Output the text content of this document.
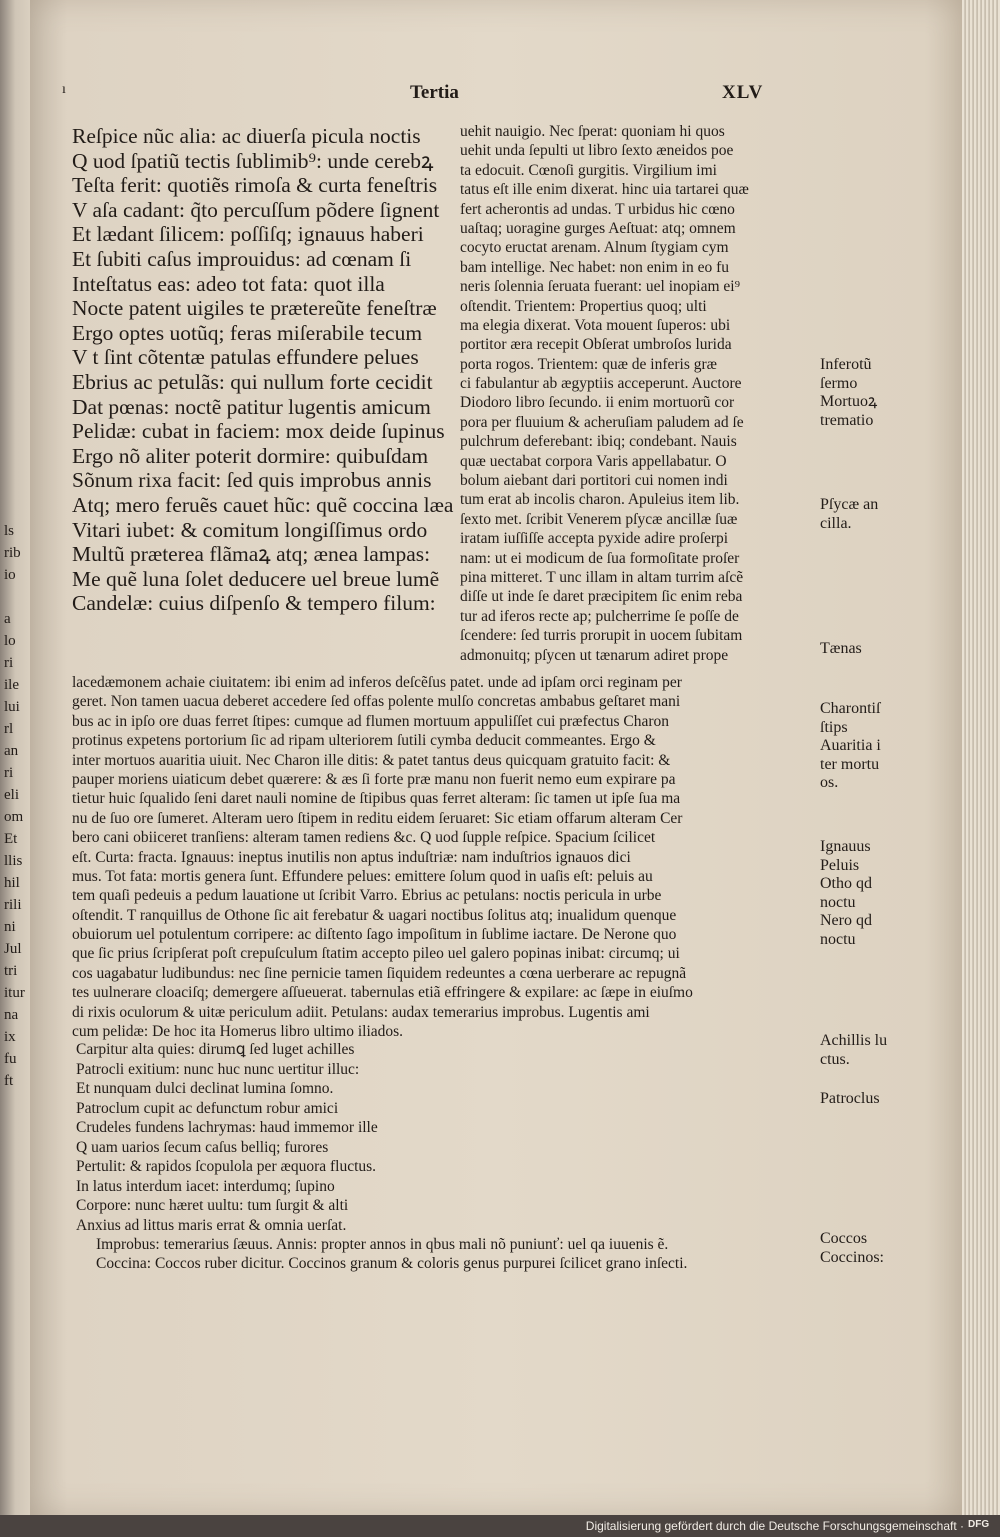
ls
rib
io
a
lo
ri
ile
lui
rl
an
ri
eli
om
Et
llis
hil
rili
ni
Jul
tri
itur
na
ix
fu
ft
ı	Tertia	XLV
Reſpice nũc alia: ac diuerſa picula noctis
Q uod ſpatiũ tectis ſublimib⁹: unde cerebꝝ
Teſta ferit: quotiẽs rimoſa & curta feneſtris
V aſa cadant: q̃to percuſſum põdere ſignent
Et lædant ſilicem: poſſiſq; ignauus haberi
Et ſubiti caſus improuidus: ad cœnam ſi
Inteſtatus eas: adeo tot fata: quot illa
Nocte patent uigiles te prætereũte feneſtræ
Ergo optes uotũq; feras miſerabile tecum
V t ſint cõtentæ patulas effundere pelues
Ebrius ac petulãs: qui nullum forte cecidit
Dat pœnas: noctẽ patitur lugentis amicum
Pelidæ: cubat in faciem: mox deide ſupinus
Ergo nõ aliter poterit dormire: quibuſdam
Sõnum rixa facit: ſed quis improbus annis
Atq; mero feruẽs cauet hũc: quẽ coccina læa
Vitari iubet: & comitum longiſſimus ordo
Multũ præterea flãmaꝝ atq; ænea lampas:
Me quẽ luna ſolet deducere uel breue lumẽ
Candelæ: cuius diſpenſo & tempero filum:
uehit nauigio. Nec ſperat: quoniam hi quos
uehit unda ſepulti ut libro ſexto æneidos poe
ta edocuit. Cœnoſi gurgitis. Virgilium imi
tatus eſt ille enim dixerat. hinc uia tartarei quæ
fert acherontis ad undas. T urbidus hic cœno
uaſtaq; uoragine gurges Aeſtuat: atq; omnem
cocyto eructat arenam. Alnum ſtygiam cym
bam intellige. Nec habet: non enim in eo fu
neris ſolennia ſeruata fuerant: uel inopiam ei⁹
oſtendit. Trientem: Propertius quoq; ulti
ma elegia dixerat. Vota mouent ſuperos: ubi
portitor æra recepit Obſerat umbroſos lurida
porta rogos. Trientem: quæ de inferis græ
ci fabulantur ab ægyptiis acceperunt. Auctore
Diodoro libro ſecundo. ii enim mortuorũ cor
pora per fluuium & acheruſiam paludem ad ſe
pulchrum deferebant: ibiq; condebant. Nauis
quæ uectabat corpora Varis appellabatur. O
bolum aiebant dari portitori cui nomen indi
tum erat ab incolis charon. Apuleius item lib.
ſexto met. ſcribit Venerem pſycæ ancillæ ſuæ
iratam iuſſiſſe accepta pyxide adire proſerpi
nam: ut ei modicum de ſua formoſitate proſer
pina mitteret. T unc illam in altam turrim aſcẽ
diſſe ut inde ſe daret præcipitem ſic enim reba
tur ad iferos recte ap; pulcherrime ſe poſſe de
ſcendere: ſed turris prorupit in uocem ſubitam
admonuitq; pſycen ut tænarum adiret prope
lacedæmonem achaie ciuitatem: ibi enim ad inferos deſcẽſus patet. unde ad ipſam orci reginam per
geret. Non tamen uacua deberet accedere ſed offas polente mulſo concretas ambabus geſtaret mani
bus ac in ipſo ore duas ferret ſtipes: cumque ad flumen mortuum appuliſſet cui præfectus Charon
protinus expetens portorium ſic ad ripam ulteriorem ſutili cymba deducit commeantes. Ergo &
inter mortuos auaritia uiuit. Nec Charon ille ditis: & patet tantus deus quicquam gratuito facit: &
pauper moriens uiaticum debet quærere: & æs ſi forte præ manu non fuerit nemo eum expirare pa
tietur huic ſqualido ſeni daret nauli nomine de ſtipibus quas ferret alteram: ſic tamen ut ipſe ſua ma
nu de ſuo ore ſumeret. Alteram uero ſtipem in reditu eidem ſeruaret: Sic etiam offarum alteram Cer
bero cani obiiceret tranſiens: alteram tamen rediens &c. Q uod ſupple reſpice. Spacium ſcilicet
eſt. Curta: fracta. Ignauus: ineptus inutilis non aptus induſtriæ: nam induſtrios ignauos dici
mus. Tot fata: mortis genera ſunt. Effundere pelues: emittere ſolum quod in uaſis eſt: peluis au
tem quaſi pedeuis a pedum lauatione ut ſcribit Varro. Ebrius ac petulans: noctis pericula in urbe
oſtendit. T ranquillus de Othone ſic ait ferebatur & uagari noctibus ſolitus atq; inualidum quenque
obuiorum uel potulentum corripere: ac diſtento ſago impoſitum in ſublime iactare. De Nerone quo
que ſic prius ſcripſerat poſt crepuſculum ſtatim accepto pileo uel galero popinas inibat: circumq; ui
cos uagabatur ludibundus: nec ſine pernicie tamen ſiquidem redeuntes a cœna uerberare ac repugnã
tes uulnerare cloaciſq; demergere aſſueuerat. tabernulas etiã effringere & expilare: ac ſæpe in eiuſmo
di rixis oculorum & uitæ periculum adiit. Petulans: audax temerarius improbus. Lugentis ami
cum pelidæ: De hoc ita Homerus libro ultimo iliados.
Carpitur alta quies: dirumꝗ ſed luget achilles
Patrocli exitium: nunc huc nunc uertitur illuc:
Et nunquam dulci declinat lumina ſomno.
Patroclum cupit ac defunctum robur amici
Crudeles fundens lachrymas: haud immemor ille
Q uam uarios ſecum caſus belliq; furores
Pertulit: & rapidos ſcopulola per æquora fluctus.
In latus interdum iacet: interdumq; ſupino
Corpore: nunc hæret uultu: tum ſurgit & alti
Anxius ad littus maris errat & omnia uerſat.
Improbus: temerarius ſæuus. Annis: propter annos in qbus mali nõ puniunť: uel qa iuuenis ẽ.
Coccina: Coccos ruber dicitur. Coccinos granum & coloris genus purpurei ſcilicet grano inſecti.
Inferotũ
ſermo
Mortuoꝝ
trematio
Pſycæ an
cilla.
Tænas
Charontiſ
ſtips
Auaritia i
ter mortu
os.
Ignauus
Peluis
Otho qd
noctu
Nero qd
noctu
Achillis lu
ctus.
Patroclus
Coccos
Coccinos:
Digitalisierung gefördert durch die Deutsche Forschungsgemeinschaft · DFG
